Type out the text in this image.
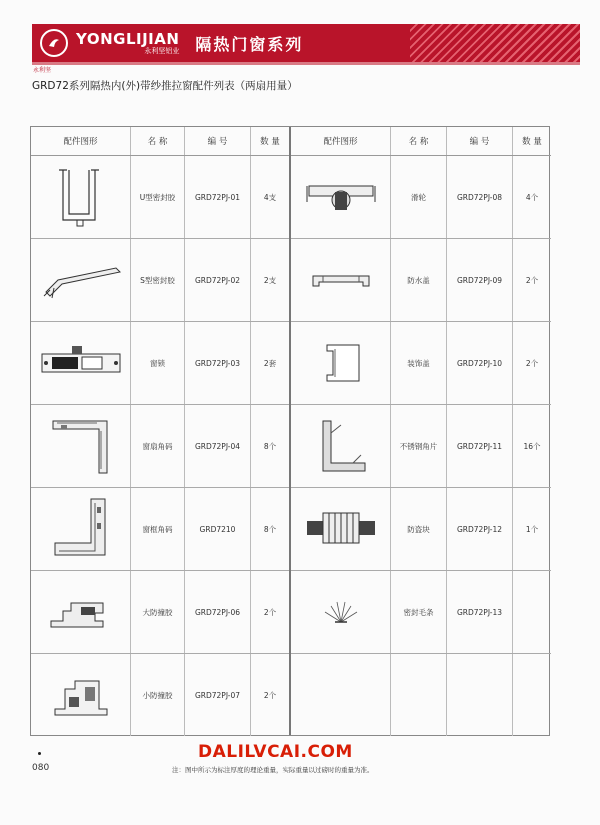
YONGLIJIAN
永利坚铝业 隔热门窗系列
永利坚
GRD72系列隔热内(外)带纱推拉窗配件列表（两扇用量）
配件图形	名 称	编 号	数 量
U型密封胶	GRD72PJ-01	4支
S型密封胶	GRD72PJ-02	2支
窗锁	GRD72PJ-03	2套
窗扇角码	GRD72PJ-04	8个
窗框角码	GRD7210	8个
大防撞胶	GRD72PJ-06	2个
小防撞胶	GRD72PJ-07	2个
配件图形	名 称	编 号	数 量
滑轮	GRD72PJ-08	4个
防水盖	GRD72PJ-09	2个
装饰盖	GRD72PJ-10	2个
不锈钢角片	GRD72PJ-11	16个
防盗块	GRD72PJ-12	1个
密封毛条	GRD72PJ-13
DALILVCAI.COM
080	注：图中所示为标注厚度的理论重量，实际重量以过磅时的重量为准。
